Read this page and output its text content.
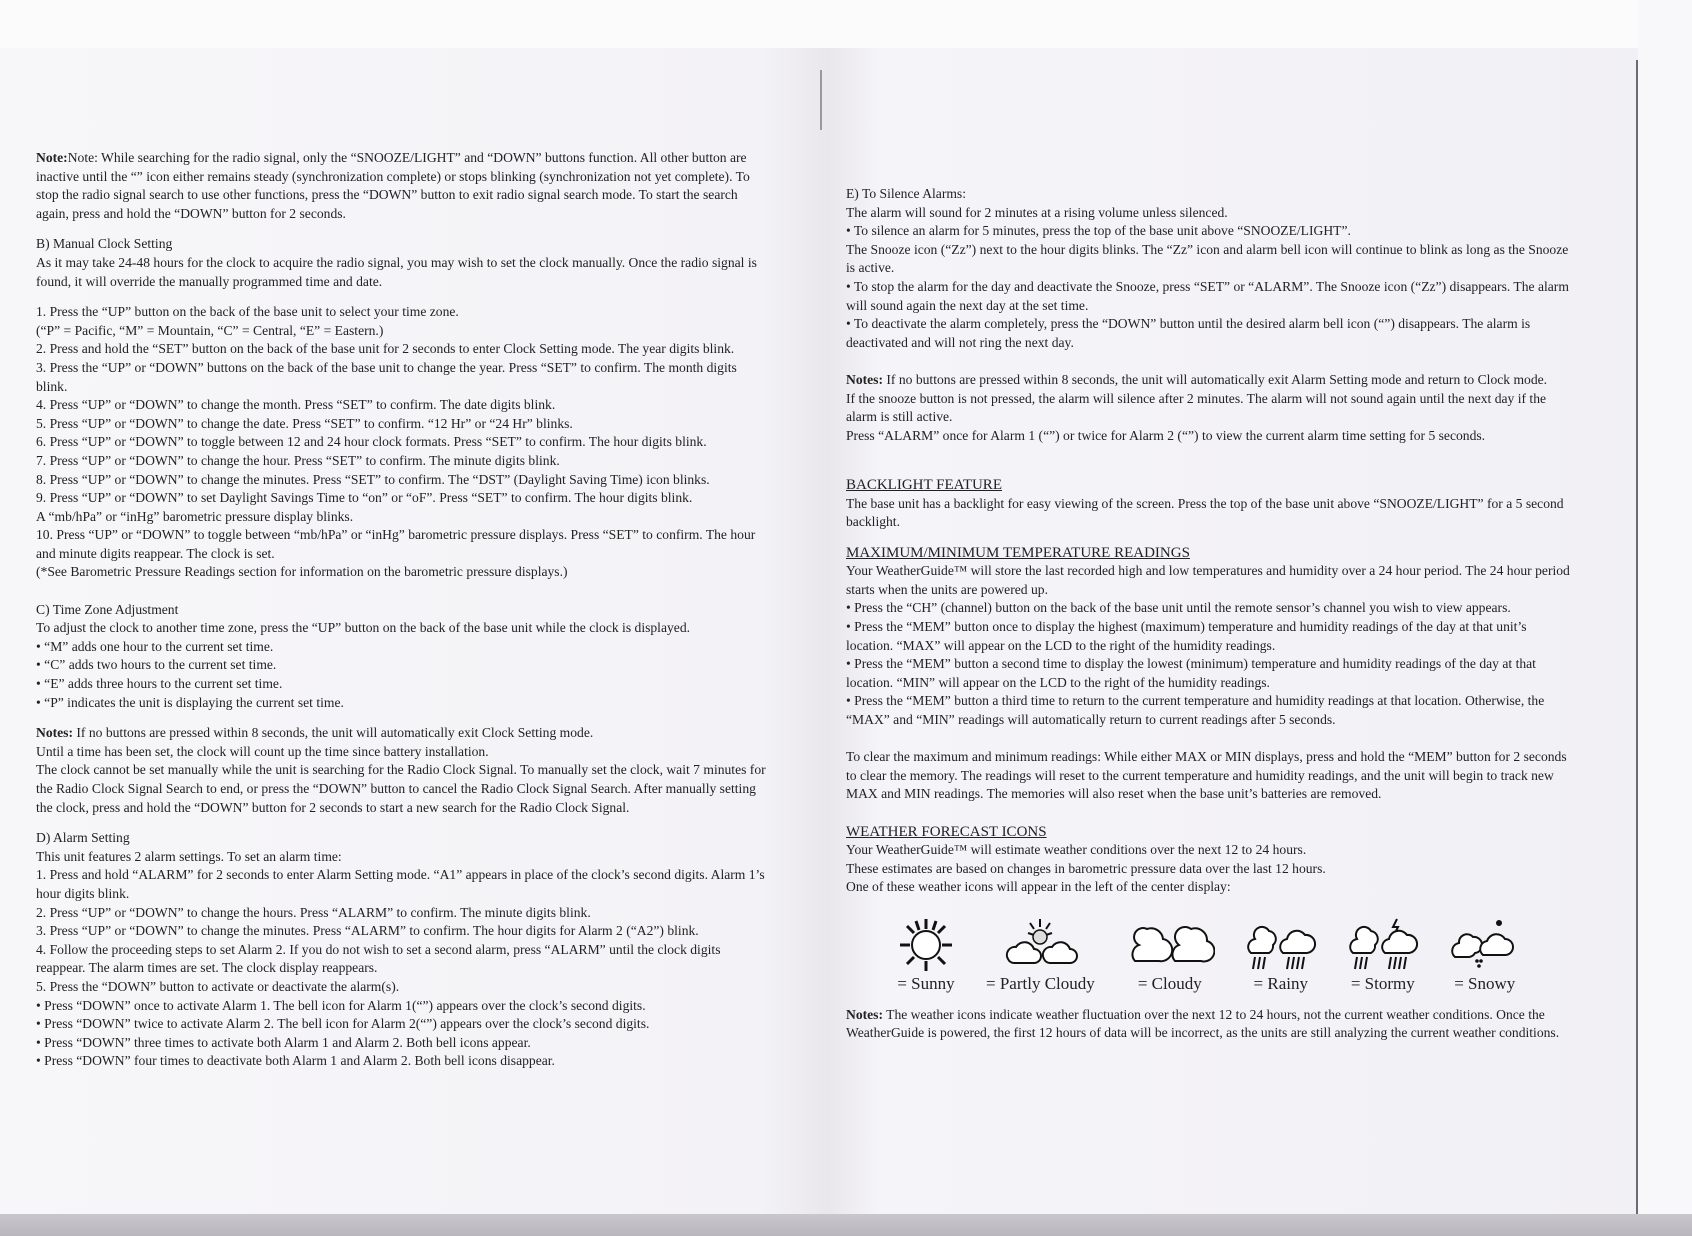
Note:Note: While searching for the radio signal, only the “SNOOZE/LIGHT” and “DOWN” buttons function. All other button are inactive until the “” icon either remains steady (synchronization complete) or stops blinking (synchronization not yet complete). To stop the radio signal search to use other functions, press the “DOWN” button to exit radio signal search mode. To start the search again, press and hold the “DOWN” button for 2 seconds.

B) Manual Clock Setting

As it may take 24-48 hours for the clock to acquire the radio signal, you may wish to set the clock manually. Once the radio signal is found, it will override the manually programmed time and date.

1. Press the “UP” button on the back of the base unit to select your time zone.

(“P” = Pacific, “M” = Mountain, “C” = Central, “E” = Eastern.)

2. Press and hold the “SET” button on the back of the base unit for 2 seconds to enter Clock Setting mode. The year digits blink.

3. Press the “UP” or “DOWN” buttons on the back of the base unit to change the year. Press “SET” to confirm. The month digits blink.

4. Press “UP” or “DOWN” to change the month. Press “SET” to confirm. The date digits blink.

5. Press “UP” or “DOWN” to change the date. Press “SET” to confirm. “12 Hr” or “24 Hr” blinks.

6. Press “UP” or “DOWN” to toggle between 12 and 24 hour clock formats. Press “SET” to confirm. The hour digits blink.

7. Press “UP” or “DOWN” to change the hour. Press “SET” to confirm. The minute digits blink.

8. Press “UP” or “DOWN” to change the minutes. Press “SET” to confirm. The “DST” (Daylight Saving Time) icon blinks.

9. Press “UP” or “DOWN” to set Daylight Savings Time to “on” or “oF”. Press “SET” to confirm. The hour digits blink.

A “mb/hPa” or “inHg” barometric pressure display blinks.

10. Press “UP” or “DOWN” to toggle between “mb/hPa” or “inHg” barometric pressure displays. Press “SET” to confirm. The hour and minute digits reappear. The clock is set.

(*See Barometric Pressure Readings section for information on the barometric pressure displays.)

C) Time Zone Adjustment

To adjust the clock to another time zone, press the “UP” button on the back of the base unit while the clock is displayed.

• “M” adds one hour to the current set time.

• “C” adds two hours to the current set time.

• “E” adds three hours to the current set time.

• “P” indicates the unit is displaying the current set time.

Notes: If no buttons are pressed within 8 seconds, the unit will automatically exit Clock Setting mode.

Until a time has been set, the clock will count up the time since battery installation.

The clock cannot be set manually while the unit is searching for the Radio Clock Signal. To manually set the clock, wait 7 minutes for the Radio Clock Signal Search to end, or press the “DOWN” button to cancel the Radio Clock Signal Search. After manually setting the clock, press and hold the “DOWN” button for 2 seconds to start a new search for the Radio Clock Signal.

D) Alarm Setting

This unit features 2 alarm settings. To set an alarm time:

1. Press and hold “ALARM” for 2 seconds to enter Alarm Setting mode. “A1” appears in place of the clock’s second digits. Alarm 1’s hour digits blink.

2. Press “UP” or “DOWN” to change the hours. Press “ALARM” to confirm. The minute digits blink.

3. Press “UP” or “DOWN” to change the minutes. Press “ALARM” to confirm. The hour digits for Alarm 2 (“A2”) blink.

4. Follow the proceeding steps to set Alarm 2. If you do not wish to set a second alarm, press “ALARM” until the clock digits reappear. The alarm times are set. The clock display reappears.

5. Press the “DOWN” button to activate or deactivate the alarm(s).

• Press “DOWN” once to activate Alarm 1. The bell icon for Alarm 1(“”) appears over the clock’s second digits.

• Press “DOWN” twice to activate Alarm 2. The bell icon for Alarm 2(“”) appears over the clock’s second digits.

• Press “DOWN” three times to activate both Alarm 1 and Alarm 2. Both bell icons appear.

• Press “DOWN” four times to deactivate both Alarm 1 and Alarm 2. Both bell icons disappear.

E) To Silence Alarms:

The alarm will sound for 2 minutes at a rising volume unless silenced.

• To silence an alarm for 5 minutes, press the top of the base unit above “SNOOZE/LIGHT”.

The Snooze icon (“Zz”) next to the hour digits blinks. The “Zz” icon and alarm bell icon will continue to blink as long as the Snooze is active.

• To stop the alarm for the day and deactivate the Snooze, press “SET” or “ALARM”. The Snooze icon (“Zz”) disappears. The alarm will sound again the next day at the set time.

• To deactivate the alarm completely, press the “DOWN” button until the desired alarm bell icon (“”) disappears. The alarm is deactivated and will not ring the next day.

Notes: If no buttons are pressed within 8 seconds, the unit will automatically exit Alarm Setting mode and return to Clock mode.

If the snooze button is not pressed, the alarm will silence after 2 minutes. The alarm will not sound again until the next day if the alarm is still active.

Press “ALARM” once for Alarm 1 (“”) or twice for Alarm 2 (“”) to view the current alarm time setting for 5 seconds.

BACKLIGHT FEATURE

The base unit has a backlight for easy viewing of the screen. Press the top of the base unit above “SNOOZE/LIGHT” for a 5 second backlight.

MAXIMUM/MINIMUM TEMPERATURE READINGS

Your WeatherGuide™ will store the last recorded high and low temperatures and humidity over a 24 hour period. The 24 hour period starts when the units are powered up.

• Press the “CH” (channel) button on the back of the base unit until the remote sensor’s channel you wish to view appears.

• Press the “MEM” button once to display the highest (maximum) temperature and humidity readings of the day at that unit’s location. “MAX” will appear on the LCD to the right of the humidity readings.

• Press the “MEM” button a second time to display the lowest (minimum) temperature and humidity readings of the day at that location. “MIN” will appear on the LCD to the right of the humidity readings.

• Press the “MEM” button a third time to return to the current temperature and humidity readings at that location. Otherwise, the “MAX” and “MIN” readings will automatically return to current readings after 5 seconds.

To clear the maximum and minimum readings: While either MAX or MIN displays, press and hold the “MEM” button for 2 seconds to clear the memory. The readings will reset to the current temperature and humidity readings, and the unit will begin to track new MAX and MIN readings. The memories will also reset when the base unit’s batteries are removed.

WEATHER FORECAST ICONS

Your WeatherGuide™ will estimate weather conditions over the next 12 to 24 hours.

These estimates are based on changes in barometric pressure data over the last 12 hours.

One of these weather icons will appear in the left of the center display:

= Sunny = Partly Cloudy	= Cloudy	= Rainy	= Stormy = Snowy

Notes: The weather icons indicate weather fluctuation over the next 12 to 24 hours, not the current weather conditions. Once the WeatherGuide is powered, the first 12 hours of data will be incorrect, as the units are still analyzing the current weather conditions.
